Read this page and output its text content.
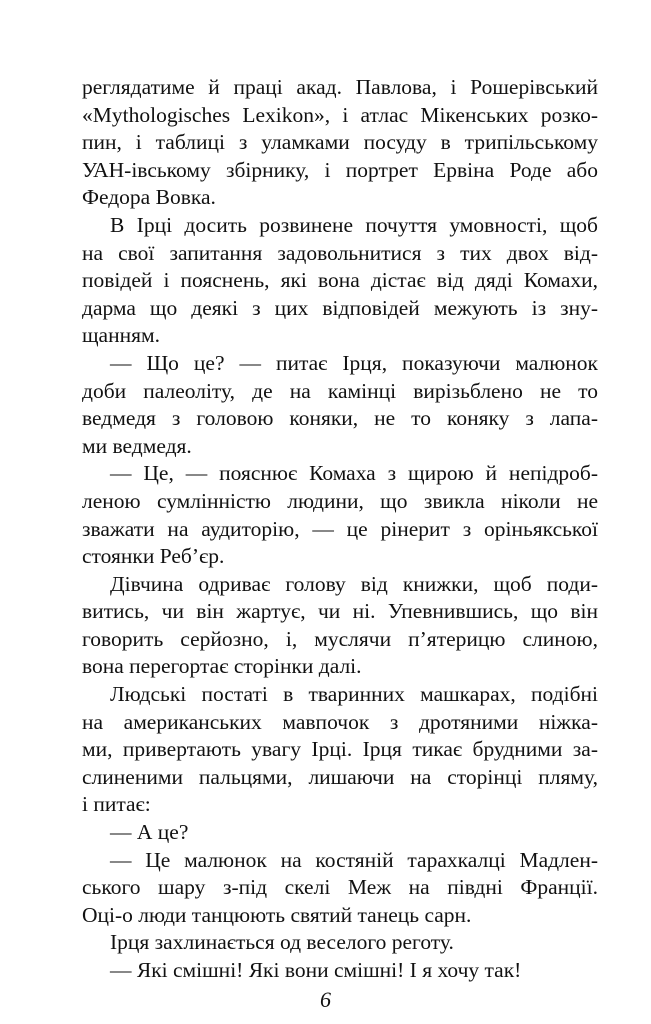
реглядатиме й праці акад. Павлова, і Рошерівський
«Mythologisches Lexikon», і атлас Мікенських розко-
пин, і таблиці з уламками посуду в трипільському
УАН-івському збірнику, і портрет Ервіна Роде або
Федора Вовка.

В Ірці досить розвинене почуття умовності, щоб
на свої запитання задовольнитися з тих двох від-
повідей і пояснень, які вона дістає від дяді Комахи,
дарма що деякі з цих відповідей межують із зну-
щанням.

— Що це? — питає Ірця, показуючи малюнок
доби палеоліту, де на камінці вирізьблено не то
ведмедя з головою коняки, не то коняку з лапа-
ми ведмедя.

— Це, — пояснює Комаха з щирою й непідроб-
леною сумлінністю людини, що звикла ніколи не
зважати на аудиторію, — це рінерит з оріньякської
стоянки Реб’єр.

Дівчина одриває голову від книжки, щоб поди-
витись, чи він жартує, чи ні. Упевнившись, що він
говорить серйозно, і, муслячи п’ятерицю слиною,
вона перегортає сторінки далі.

Людські постаті в тваринних машкарах, подібні
на американських мавпочок з дротяними ніжка-
ми, привертають увагу Ірці. Ірця тикає брудними за-
слиненими пальцями, лишаючи на сторінці пляму,
і питає:

— А це?

— Це малюнок на костяній тарахкалці Мадлен-
ського шару з-під скелі Меж на півдні Франції.
Оці-о люди танцюють святий танець сарн.

Ірця захлинається од веселого реготу.

— Які смішні! Які вони смішні! І я хочу так!

6
